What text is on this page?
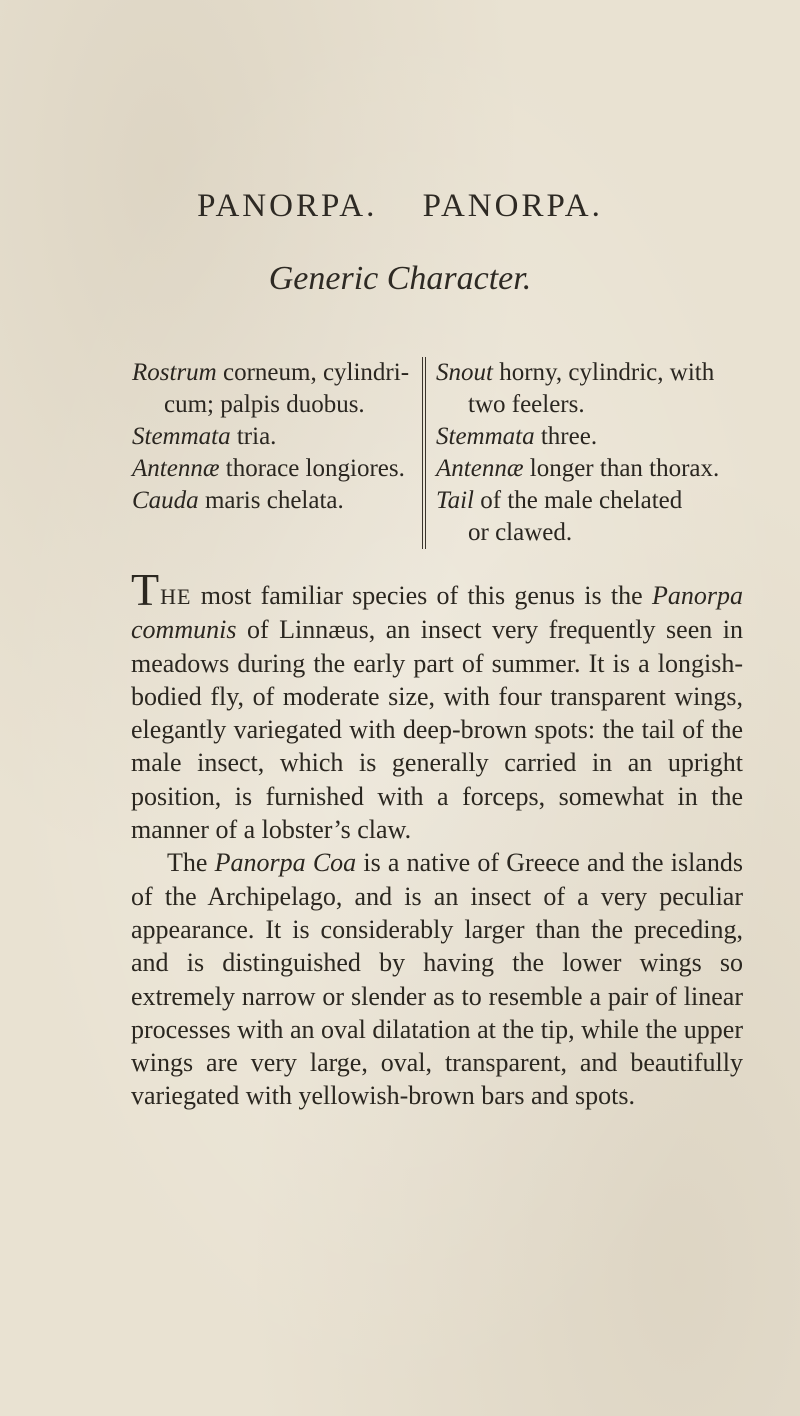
PANORPA. PANORPA.
Generic Character.
Rostrum corneum, cylindri-
cum; palpis duobus.
Stemmata tria.
Antennæ thorace longiores.
Cauda maris chelata.
Snout horny, cylindric, with
two feelers.
Stemmata three.
Antennæ longer than thorax.
Tail of the male chelated
or clawed.

THE most familiar species of this genus is the Panorpa communis of Linnæus, an insect very frequently seen in meadows during the early part of summer. It is a longish-bodied fly, of moderate size, with four transparent wings, elegantly variegated with deep-brown spots: the tail of the male insect, which is generally carried in an upright position, is furnished with a forceps, somewhat in the manner of a lobster’s claw.

The Panorpa Coa is a native of Greece and the islands of the Archipelago, and is an insect of a very peculiar appearance. It is considerably larger than the preceding, and is distinguished by having the lower wings so extremely narrow or slender as to resemble a pair of linear processes with an oval dilatation at the tip, while the upper wings are very large, oval, transparent, and beautifully variegated with yellowish-brown bars and spots.
